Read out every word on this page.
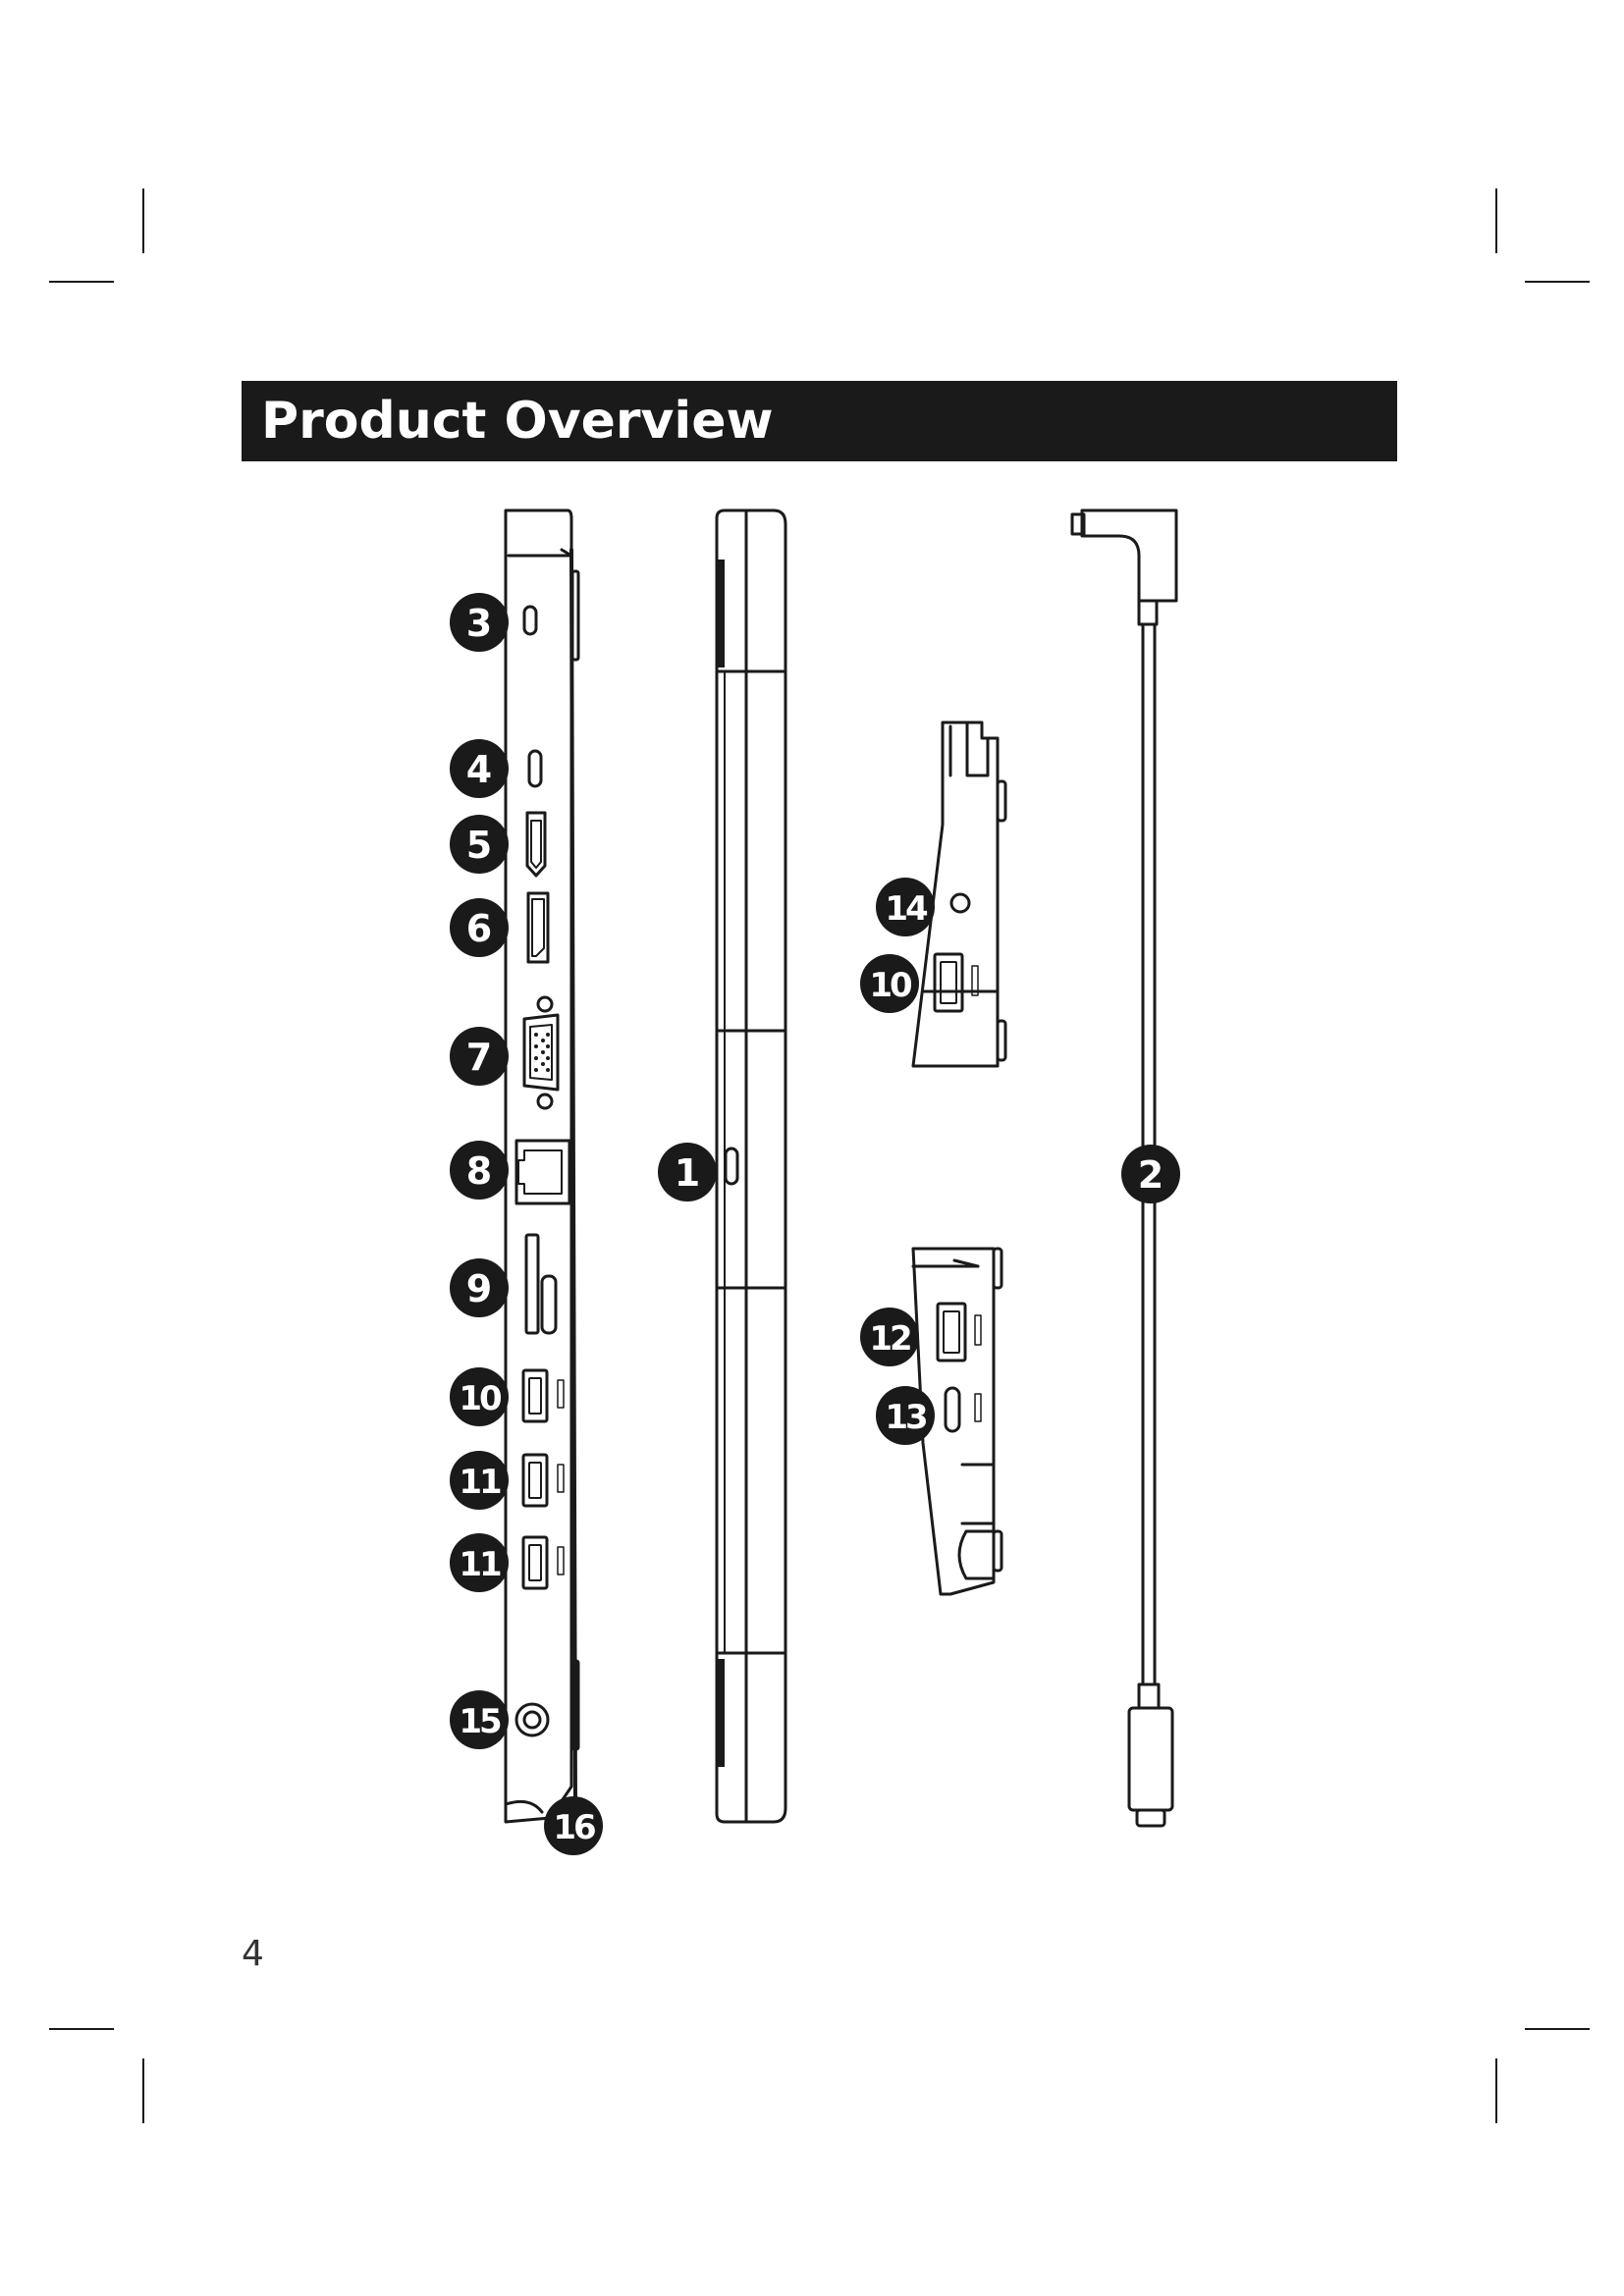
Product Overview
3
4
5
6
7
8
9
10
11
11
15
16
1	2
14
10
12
13
4
